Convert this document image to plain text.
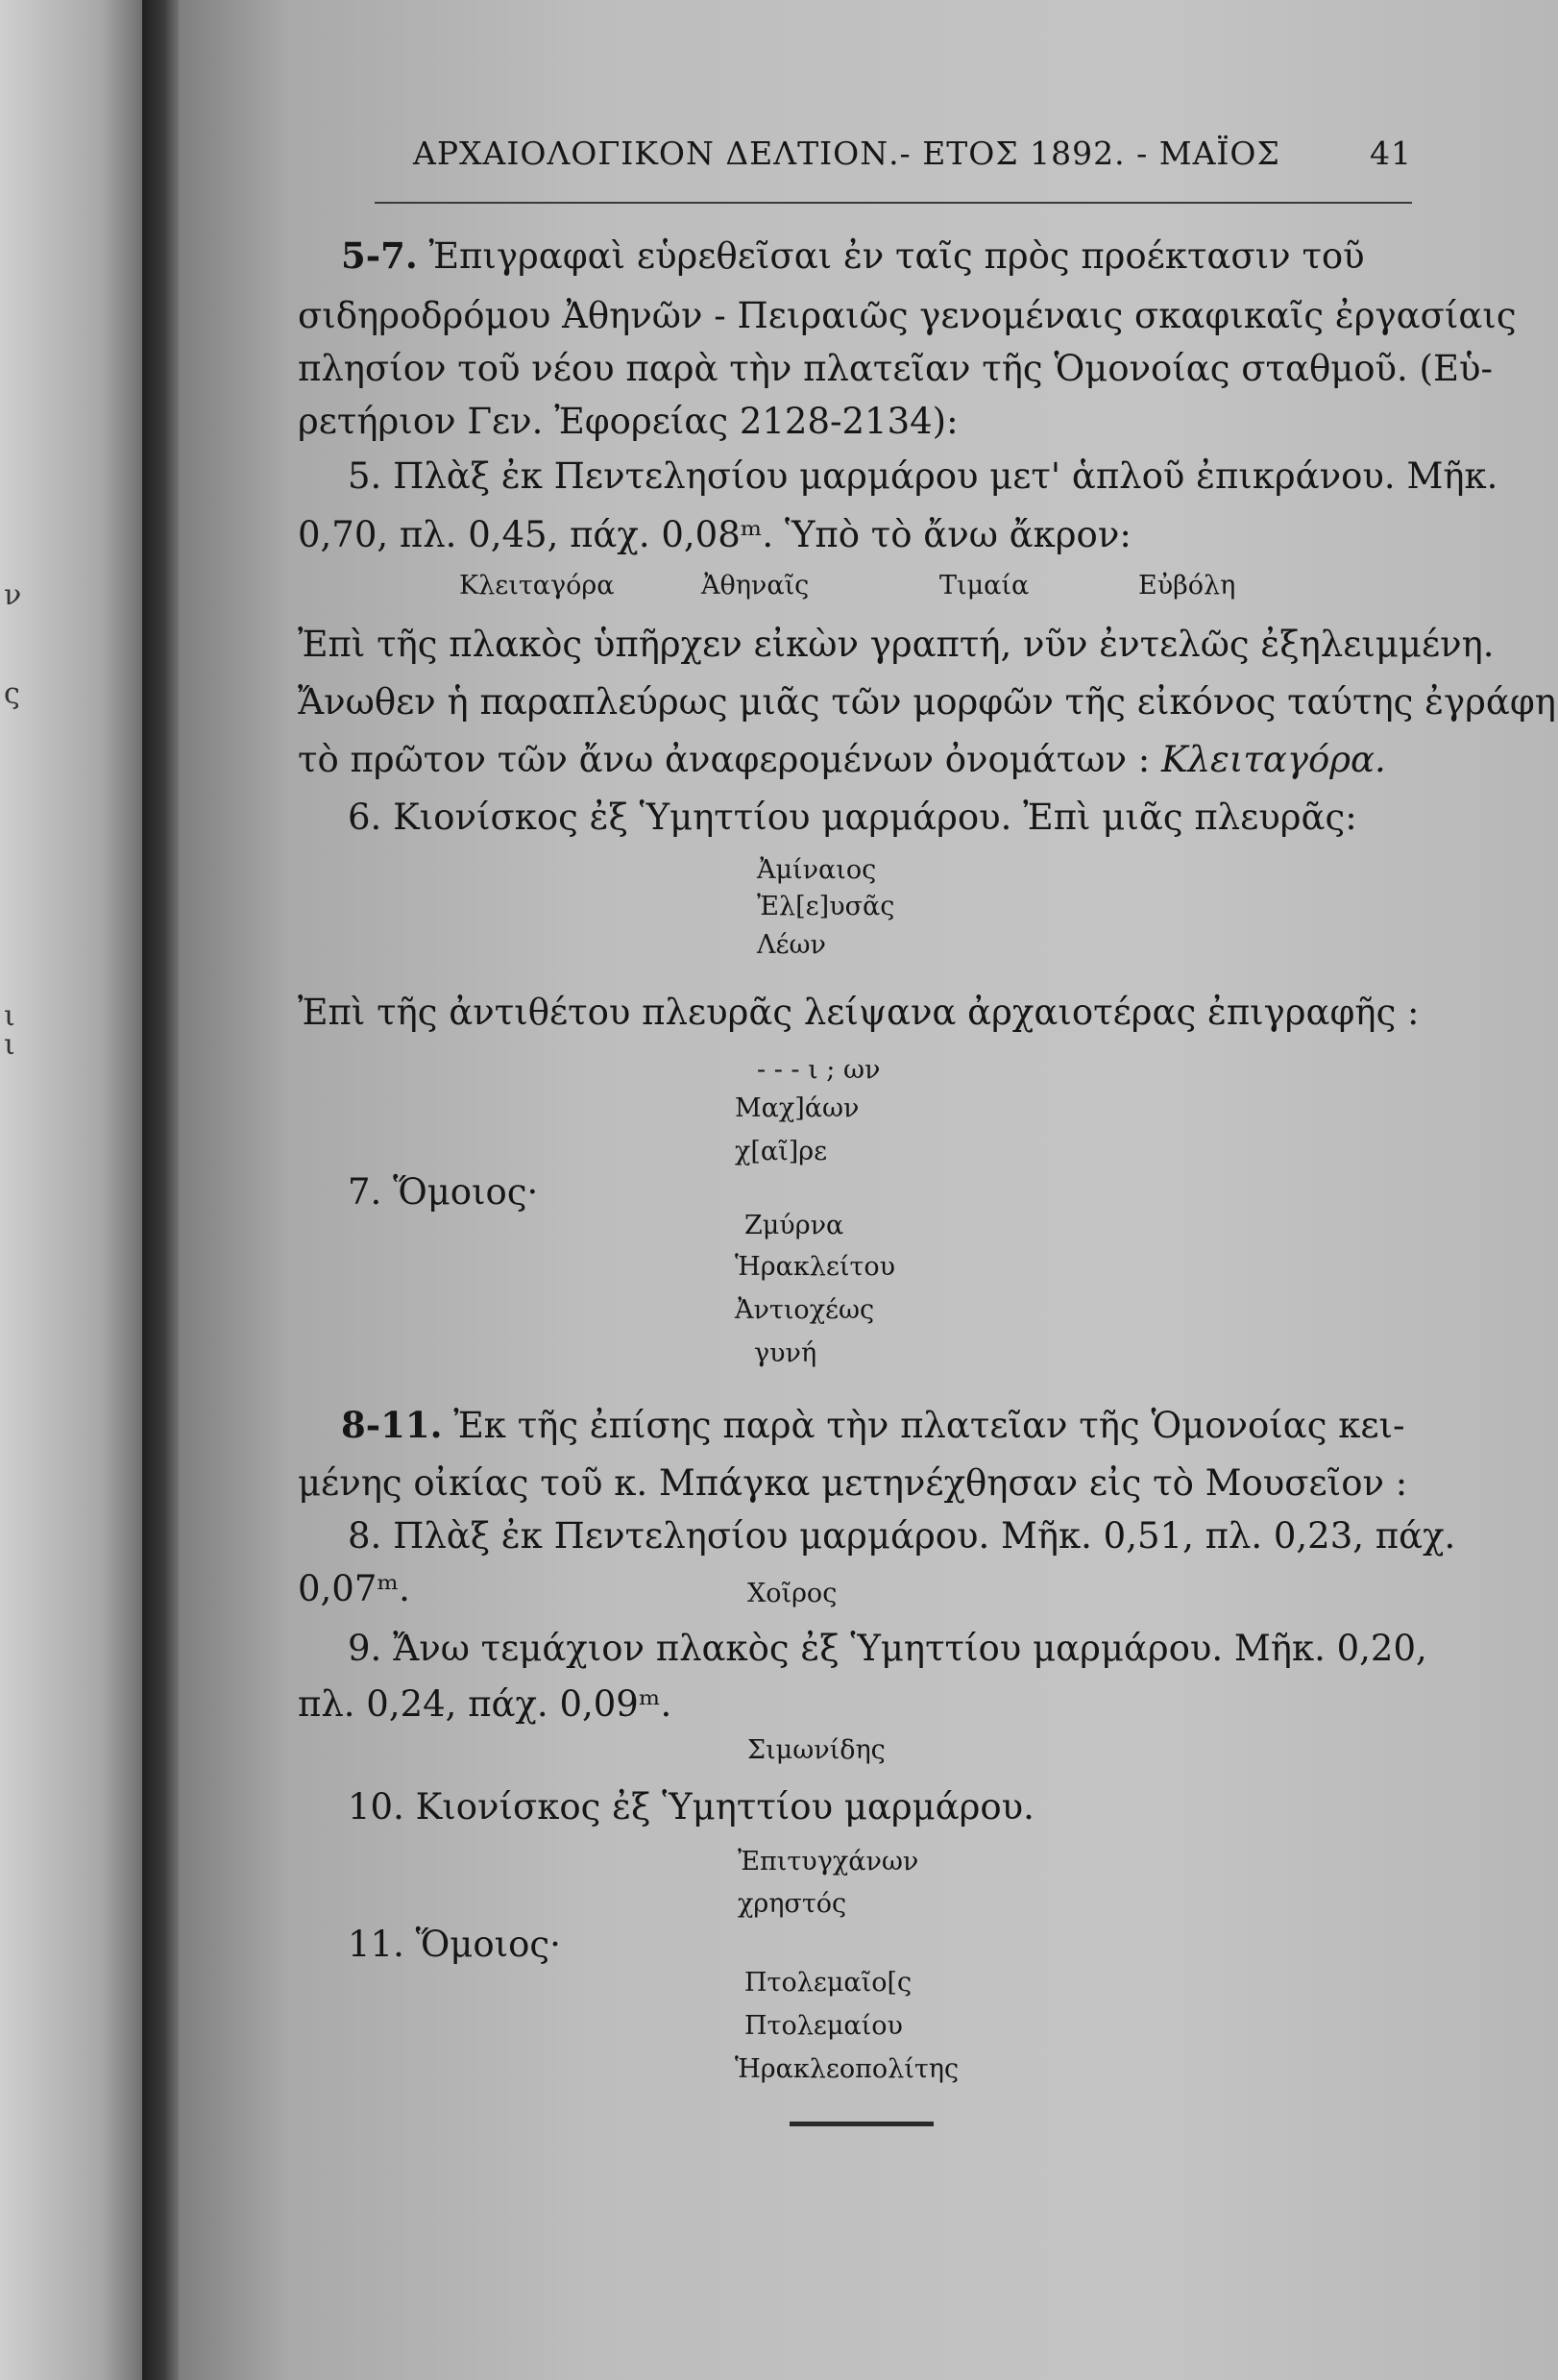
ν
ς
ι
ι
ΑΡΧΑΙΟΛΟΓΙΚΟΝ ΔΕΛΤΙΟΝ.- ΕΤΟΣ 1892. - ΜΑΪΟΣ	41
5-7. Ἐπιγραφαὶ εὑρεθεῖσαι ἐν ταῖς πρὸς προέκτασιν τοῦ
σιδηροδρόμου Ἀθηνῶν - Πειραιῶς γενομέναις σκαφικαῖς ἐργασίαις
πλησίον τοῦ νέου παρὰ τὴν πλατεῖαν τῆς Ὁμονοίας σταθμοῦ. (Εὑ-
ρετήριον Γεν. Ἐφορείας 2128-2134):
5. Πλὰξ ἐκ Πεντελησίου μαρμάρου μετ' ἁπλοῦ ἐπικράνου. Μῆκ.
0,70, πλ. 0,45, πάχ. 0,08ᵐ. Ὑπὸ τὸ ἄνω ἄκρον:
Κλειταγόρα	Ἀθηναῖς	Τιμαία	Εὐβόλη
Ἐπὶ τῆς πλακὸς ὑπῆρχεν εἰκὼν γραπτή, νῦν ἐντελῶς ἐξηλειμμένη.
Ἄνωθεν ἡ παραπλεύρως μιᾶς τῶν μορφῶν τῆς εἰκόνος ταύτης ἐγράφη
τὸ πρῶτον τῶν ἄνω ἀναφερομένων ὀνομάτων : Κλειταγόρα.
6. Κιονίσκος ἐξ Ὑμηττίου μαρμάρου. Ἐπὶ μιᾶς πλευρᾶς:
Ἀμίναιος
Ἐλ[ε]υσᾶς
Λέων
Ἐπὶ τῆς ἀντιθέτου πλευρᾶς λείψανα ἀρχαιοτέρας ἐπιγραφῆς :
- - - ι ; ων
Μαχ]άων
χ[αῖ]ρε
7. Ὅμοιος·
Ζμύρνα
Ἡρακλείτου
Ἀντιοχέως
γυνή
8-11. Ἐκ τῆς ἐπίσης παρὰ τὴν πλατεῖαν τῆς Ὁμονοίας κει-
μένης οἰκίας τοῦ κ. Μπάγκα μετηνέχθησαν εἰς τὸ Μουσεῖον :
8. Πλὰξ ἐκ Πεντελησίου μαρμάρου. Μῆκ. 0,51, πλ. 0,23, πάχ.
0,07ᵐ.	Χοῖρος
9. Ἄνω τεμάχιον πλακὸς ἐξ Ὑμηττίου μαρμάρου. Μῆκ. 0,20,
πλ. 0,24, πάχ. 0,09ᵐ.
Σιμωνίδης
10. Κιονίσκος ἐξ Ὑμηττίου μαρμάρου.
Ἐπιτυγχάνων
χρηστός
11. Ὅμοιος·
Πτολεμαῖο[ς
Πτολεμαίου
Ἡρακλεοπολίτης
